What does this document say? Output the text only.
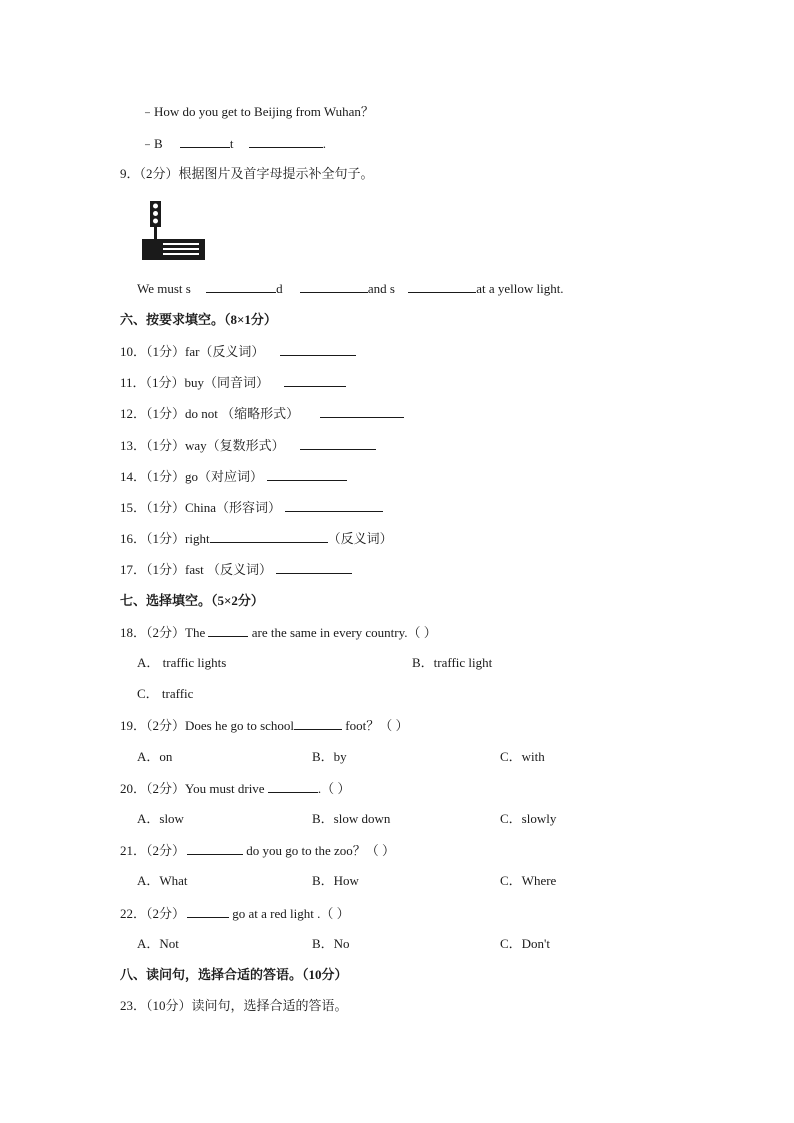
﹣How do you get to Beijing from Wuhan？
﹣B	t	.
9．（2分）根据图片及首字母提示补全句子。
We must s	d	and s	at a yellow light.
六、按要求填空。（8×1分）
10．（1分）far（反义词）
11．（1分）buy（同音词）
12．（1分）do not （缩略形式）
13．（1分）way（复数形式）
14．（1分）go（对应词）
15．（1分）China（形容词）
16．（1分）right	（反义词）
17．（1分）fast （反义词）
七、选择填空。（5×2分）
18．（2分）The	are the same in every country.（ ）
A． traffic lights	B．traffic light
C． traffic
19．（2分）Does he go to school	foot？（ ）
A．on	B．by	C．with
20．（2分）You must drive	.（ ）
A．slow	B．slow down	C．slowly
21．（2分）	do you go to the zoo？（ ）
A．What	B．How	C．Where
22．（2分）	go at a red light .（ ）
A．Not	B．No	C．Don't
八、读问句，选择合适的答语。（10分）
23．（10分）读问句，选择合适的答语。
